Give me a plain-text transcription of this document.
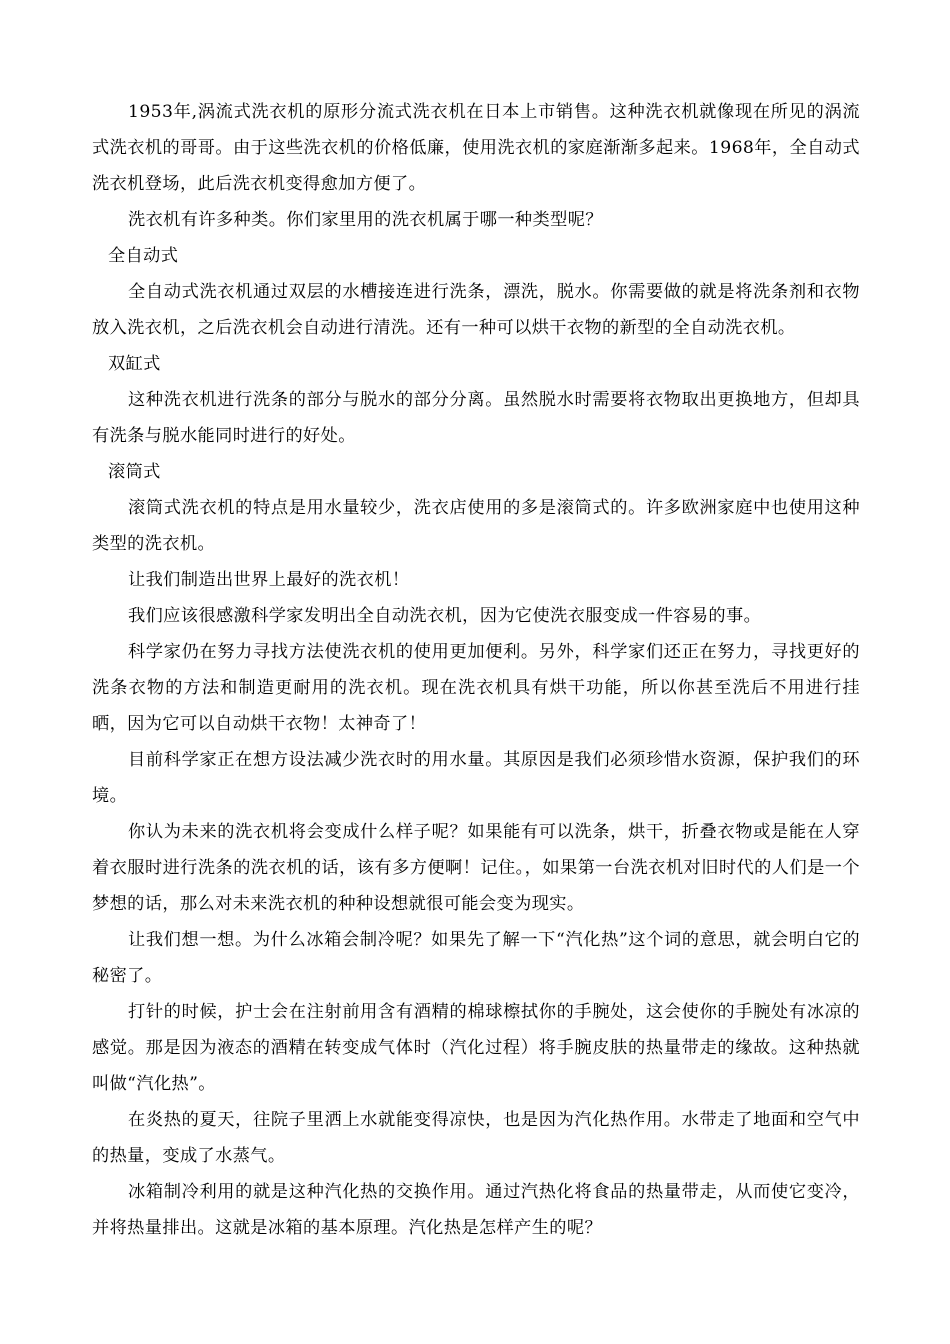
1953年,涡流式洗衣机的原形分流式洗衣机在日本上市销售。这种洗衣机就像现在所见的涡流式洗衣机的哥哥。由于这些洗衣机的价格低廉，使用洗衣机的家庭渐渐多起来。1968年，全自动式洗衣机登场，此后洗衣机变得愈加方便了。

洗衣机有许多种类。你们家里用的洗衣机属于哪一种类型呢？

全自动式

全自动式洗衣机通过双层的水槽接连进行洗条，漂洗，脱水。你需要做的就是将洗条剂和衣物放入洗衣机，之后洗衣机会自动进行清洗。还有一种可以烘干衣物的新型的全自动洗衣机。

双缸式

这种洗衣机进行洗条的部分与脱水的部分分离。虽然脱水时需要将衣物取出更换地方，但却具有洗条与脱水能同时进行的好处。

滚筒式

滚筒式洗衣机的特点是用水量较少，洗衣店使用的多是滚筒式的。许多欧洲家庭中也使用这种类型的洗衣机。

让我们制造出世界上最好的洗衣机！

我们应该很感激科学家发明出全自动洗衣机，因为它使洗衣服变成一件容易的事。

科学家仍在努力寻找方法使洗衣机的使用更加便利。另外，科学家们还正在努力，寻找更好的洗条衣物的方法和制造更耐用的洗衣机。现在洗衣机具有烘干功能，所以你甚至洗后不用进行挂晒，因为它可以自动烘干衣物！太神奇了！

目前科学家正在想方设法减少洗衣时的用水量。其原因是我们必须珍惜水资源，保护我们的环境。

你认为未来的洗衣机将会变成什么样子呢？如果能有可以洗条，烘干，折叠衣物或是能在人穿着衣服时进行洗条的洗衣机的话，该有多方便啊！记住。，如果第一台洗衣机对旧时代的人们是一个梦想的话，那么对未来洗衣机的种种设想就很可能会变为现实。

让我们想一想。为什么冰箱会制冷呢？如果先了解一下“汽化热”这个词的意思，就会明白它的秘密了。

打针的时候，护士会在注射前用含有酒精的棉球檫拭你的手腕处，这会使你的手腕处有冰凉的感觉。那是因为液态的酒精在转变成气体时（汽化过程）将手腕皮肤的热量带走的缘故。这种热就叫做“汽化热”。

在炎热的夏天，往院子里洒上水就能变得凉快，也是因为汽化热作用。水带走了地面和空气中的热量，变成了水蒸气。

冰箱制冷利用的就是这种汽化热的交换作用。通过汽热化将食品的热量带走，从而使它变冷，并将热量排出。这就是冰箱的基本原理。汽化热是怎样产生的呢？
